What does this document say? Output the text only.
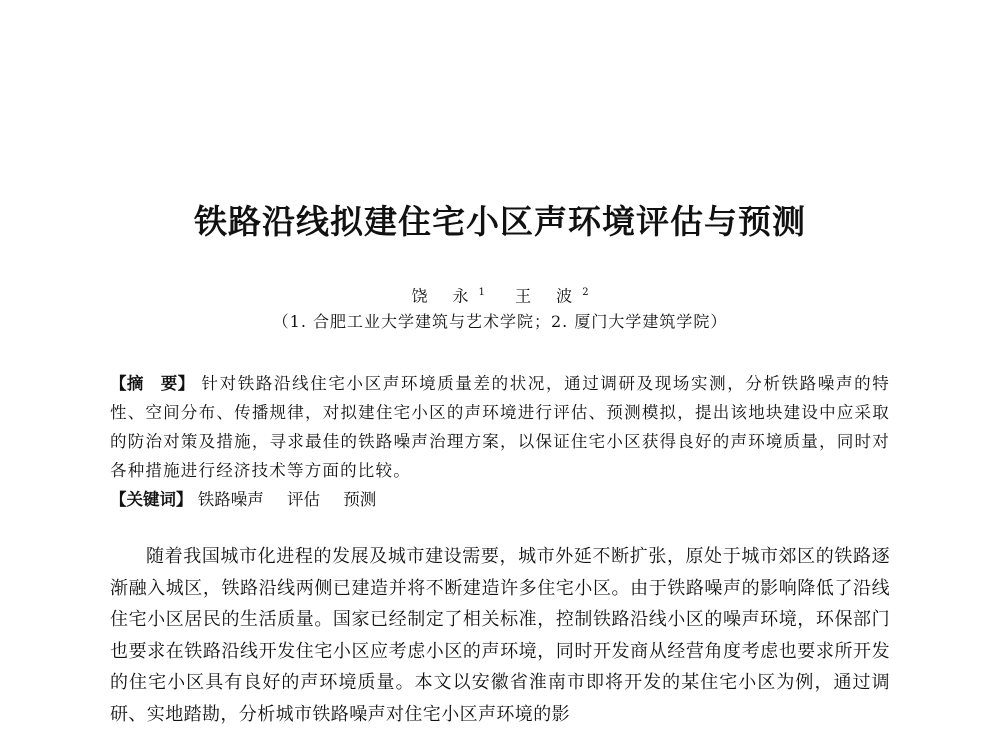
铁路沿线拟建住宅小区声环境评估与预测
饶 永$^1$ 王 波$^2$
（1. 合肥工业大学建筑与艺术学院；2. 厦门大学建筑学院）
【摘　要】 针对铁路沿线住宅小区声环境质量差的状况，通过调研及现场实测，分析铁路噪声的特性、空间分布、传播规律，对拟建住宅小区的声环境进行评估、预测模拟，提出该地块建设中应采取的防治对策及措施，寻求最佳的铁路噪声治理方案，以保证住宅小区获得良好的声环境质量，同时对各种措施进行经济技术等方面的比较。
【关键词】 铁路噪声 评估 预测
随着我国城市化进程的发展及城市建设需要，城市外延不断扩张，原处于城市郊区的铁路逐渐融入城区，铁路沿线两侧已建造并将不断建造许多住宅小区。由于铁路噪声的影响降低了沿线住宅小区居民的生活质量。国家已经制定了相关标准，控制铁路沿线小区的噪声环境，环保部门也要求在铁路沿线开发住宅小区应考虑小区的声环境，同时开发商从经营角度考虑也要求所开发的住宅小区具有良好的声环境质量。本文以安徽省淮南市即将开发的某住宅小区为例，通过调研、实地踏勘，分析城市铁路噪声对住宅小区声环境的影
